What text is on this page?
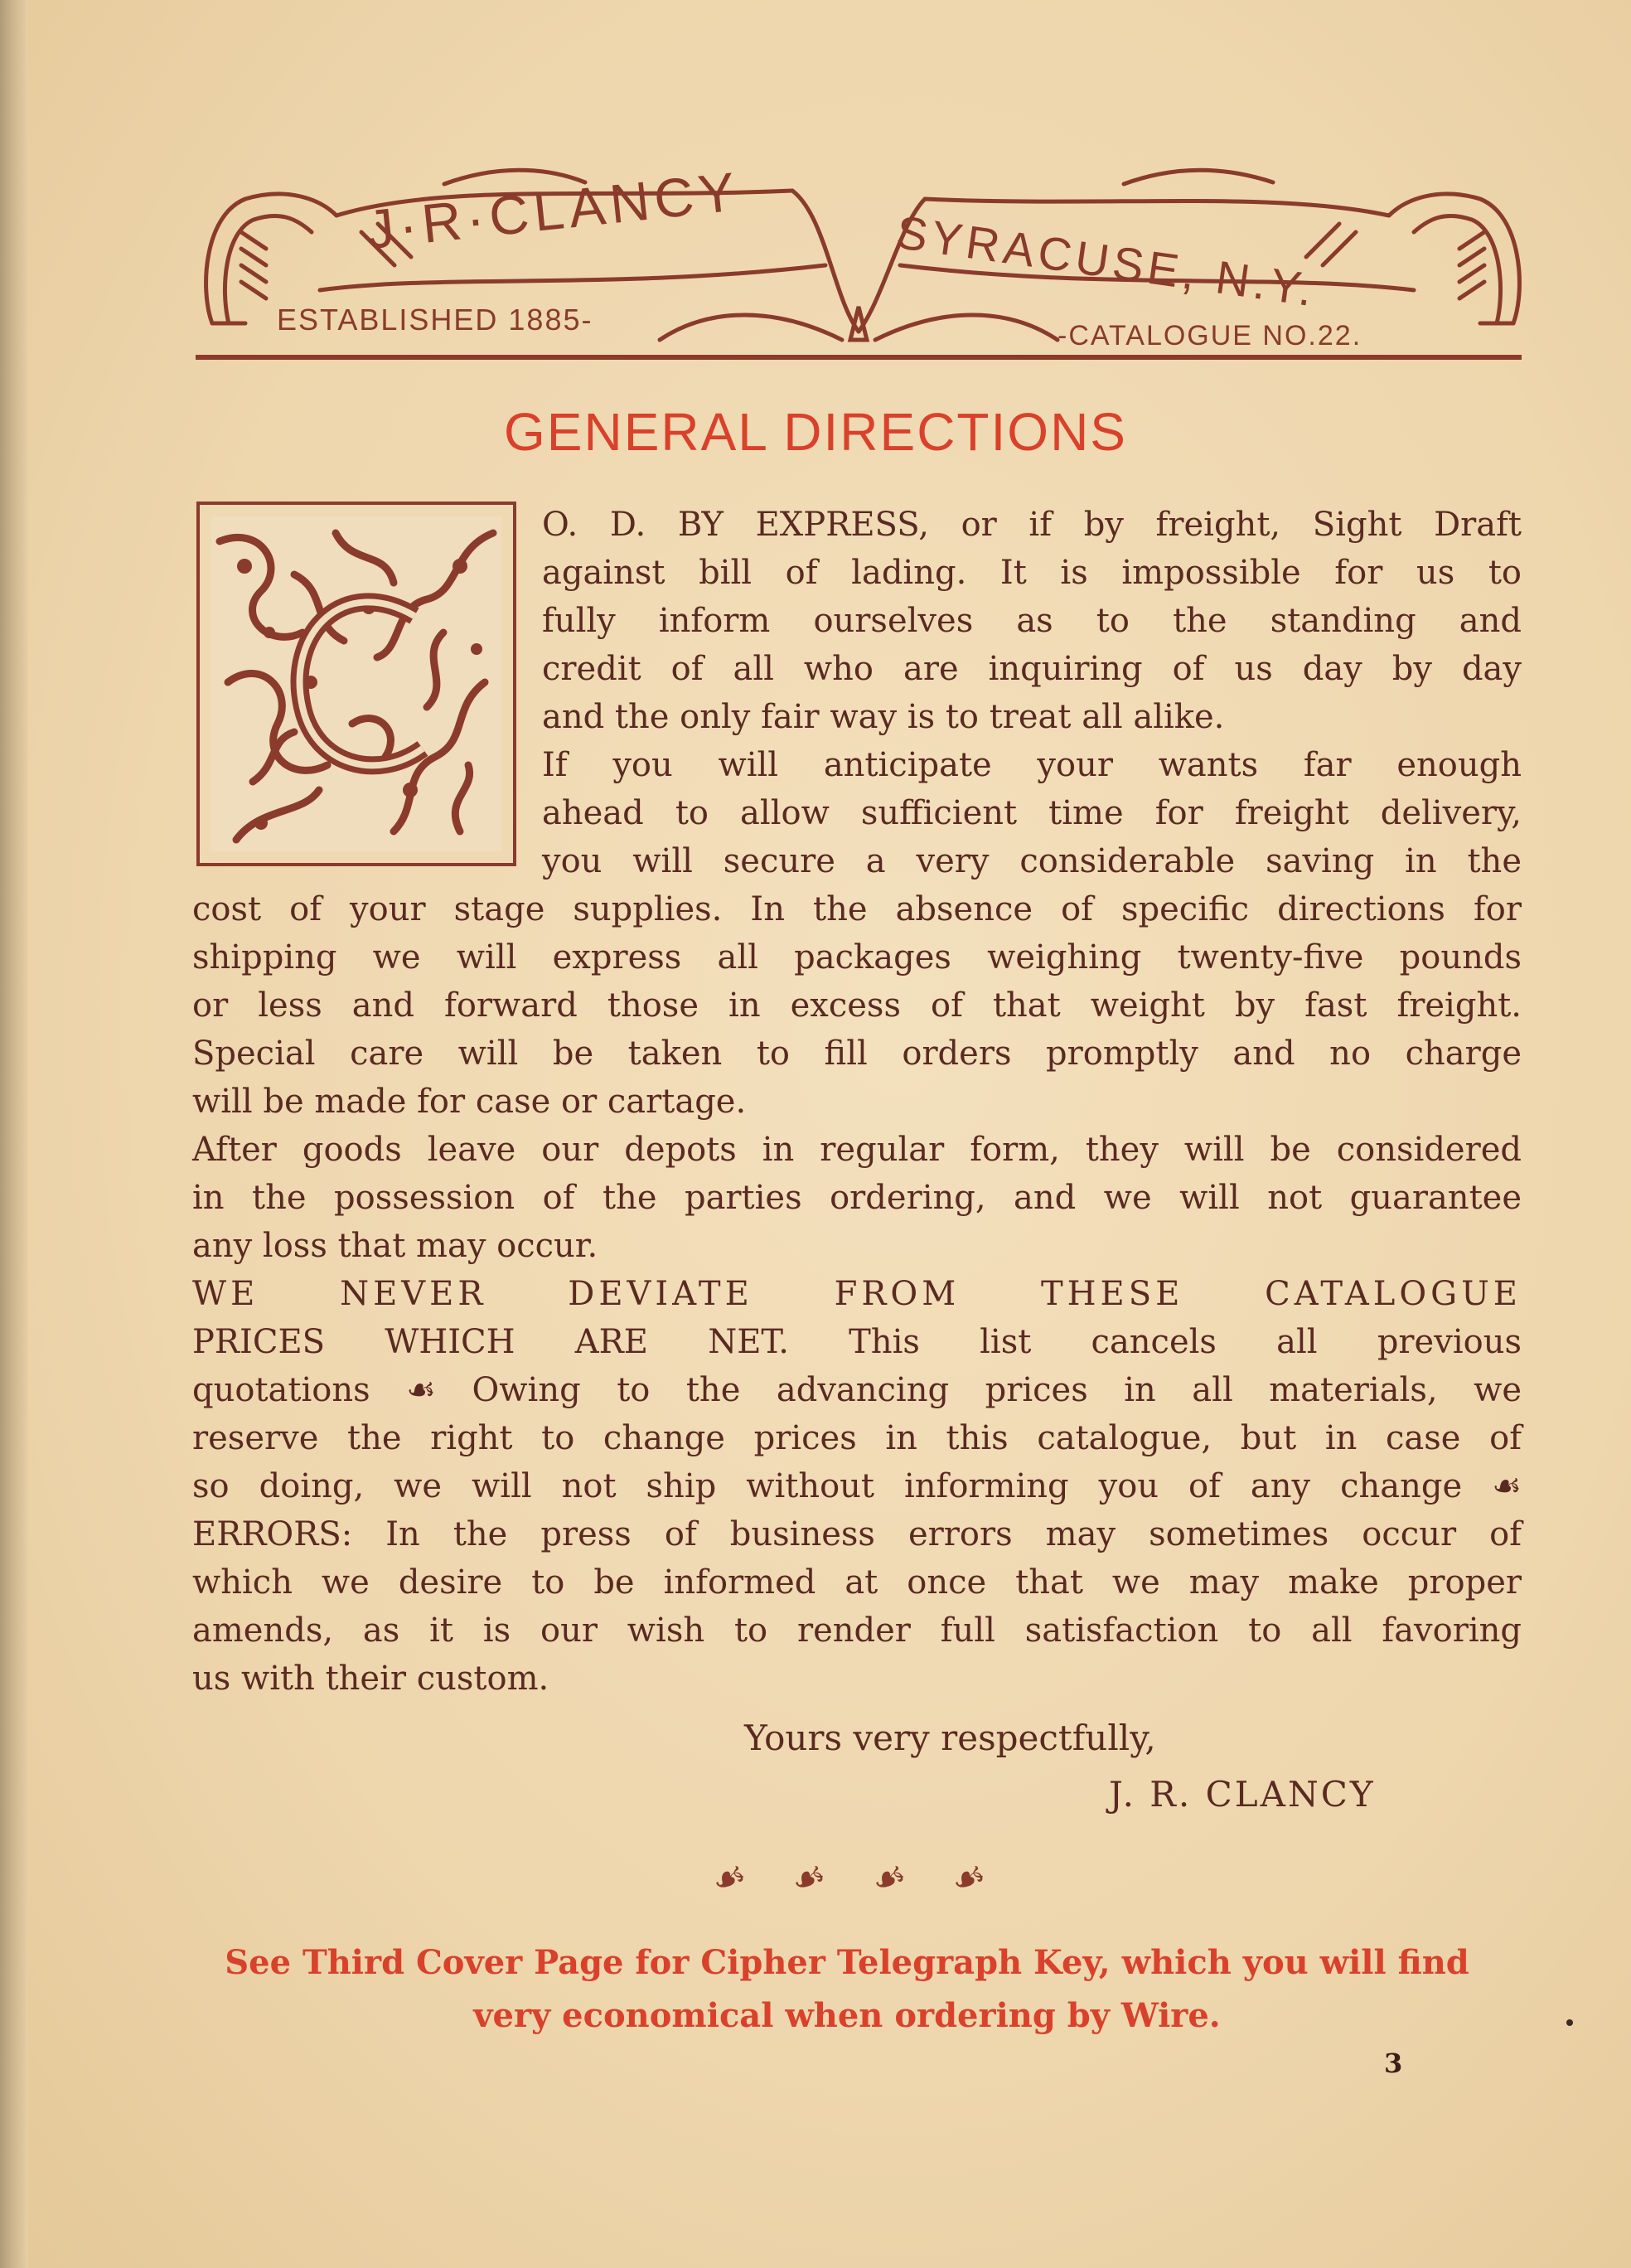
J·R·CLANCY	SYRACUSE, N.Y.
ESTABLISHED 1885-	-CATALOGUE NO.22.
GENERAL DIRECTIONS
O. D. BY EXPRESS, or if by freight, Sight Draft
against bill of lading. It is impossible for us to
fully inform ourselves as to the standing and
credit of all who are inquiring of us day by day
and the only fair way is to treat all alike.
If you will anticipate your wants far enough
ahead to allow sufficient time for freight delivery,
you will secure a very considerable saving in the
cost of your stage supplies. In the absence of specific directions for
shipping we will express all packages weighing twenty-five pounds
or less and forward those in excess of that weight by fast freight.
Special care will be taken to fill orders promptly and no charge
will be made for case or cartage.
After goods leave our depots in regular form, they will be considered
in the possession of the parties ordering, and we will not guarantee
any loss that may occur.
WE NEVER DEVIATE FROM THESE CATALOGUE
PRICES WHICH ARE NET. This list cancels all previous
quotations ☙ Owing to the advancing prices in all materials, we
reserve the right to change prices in this catalogue, but in case of
so doing, we will not ship without informing you of any change ☙
ERRORS: In the press of business errors may sometimes occur of
which we desire to be informed at once that we may make proper
amends, as it is our wish to render full satisfaction to all favoring
us with their custom.
Yours very respectfully,
J. R. CLANCY
☙ ☙ ☙ ☙
See Third Cover Page for Cipher Telegraph Key, which you will find
very economical when ordering by Wire.
3
